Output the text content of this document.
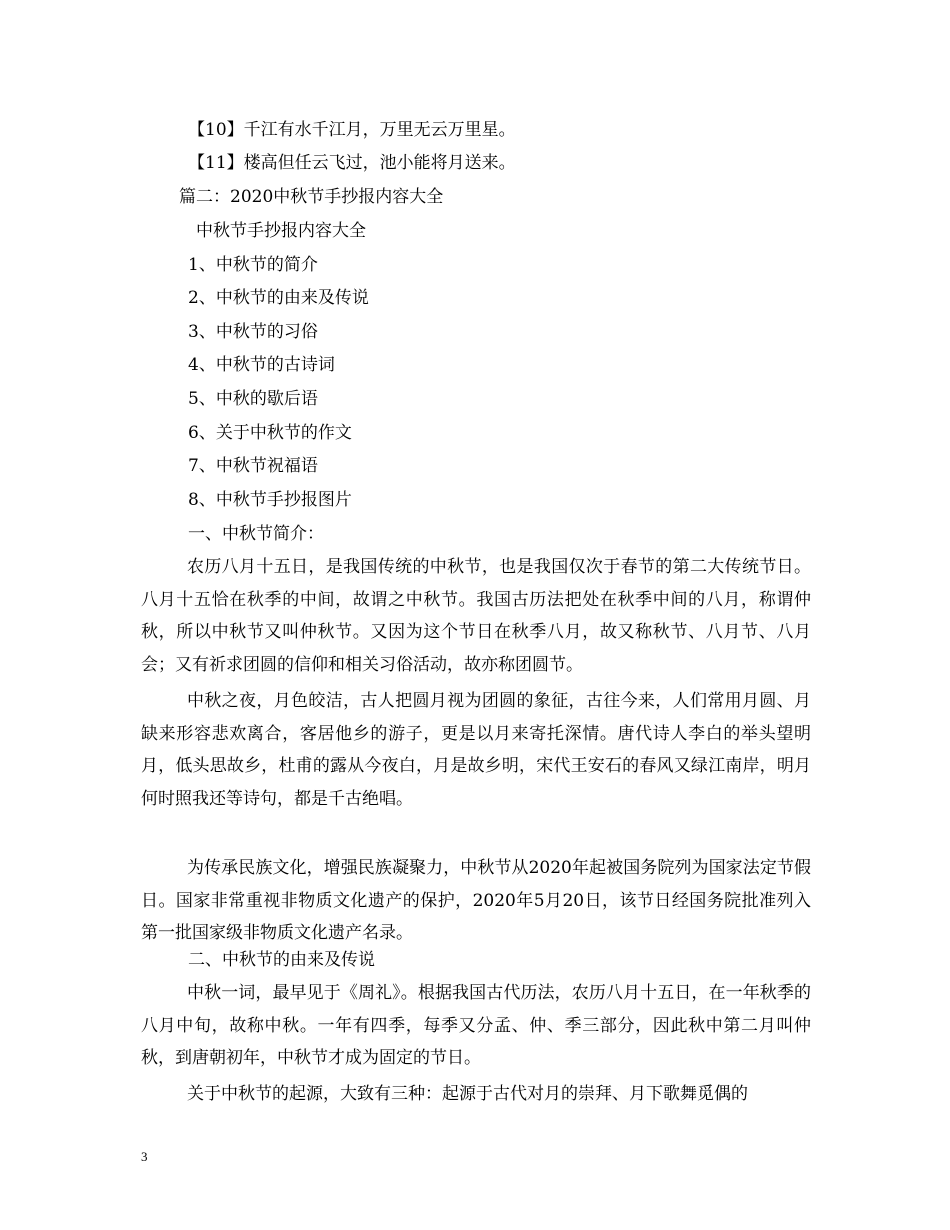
【10】千江有水千江月，万里无云万里星。
【11】楼高但任云飞过，池小能将月送来。
篇二：2020中秋节手抄报内容大全
中秋节手抄报内容大全
1、中秋节的简介
2、中秋节的由来及传说
3、中秋节的习俗
4、中秋节的古诗词
5、中秋的歇后语
6、关于中秋节的作文
7、中秋节祝福语
8、中秋节手抄报图片
一、中秋节简介：
农历八月十五日，是我国传统的中秋节，也是我国仅次于春节的第二大传统节日。八月十五恰在秋季的中间，故谓之中秋节。我国古历法把处在秋季中间的八月，称谓仲秋，所以中秋节又叫仲秋节。又因为这个节日在秋季八月，故又称秋节、八月节、八月会；又有祈求团圆的信仰和相关习俗活动，故亦称团圆节。
中秋之夜，月色皎洁，古人把圆月视为团圆的象征，古往今来，人们常用月圆、月缺来形容悲欢离合，客居他乡的游子，更是以月来寄托深情。唐代诗人李白的举头望明月，低头思故乡，杜甫的露从今夜白，月是故乡明，宋代王安石的春风又绿江南岸，明月何时照我还等诗句，都是千古绝唱。
为传承民族文化，增强民族凝聚力，中秋节从2020年起被国务院列为国家法定节假日。国家非常重视非物质文化遗产的保护，2020年5月20日，该节日经国务院批准列入第一批国家级非物质文化遗产名录。
二、中秋节的由来及传说
中秋一词，最早见于《周礼》。根据我国古代历法，农历八月十五日，在一年秋季的八月中旬，故称中秋。一年有四季，每季又分孟、仲、季三部分，因此秋中第二月叫仲秋，到唐朝初年，中秋节才成为固定的节日。
关于中秋节的起源，大致有三种：起源于古代对月的崇拜、月下歌舞觅偶的
3
